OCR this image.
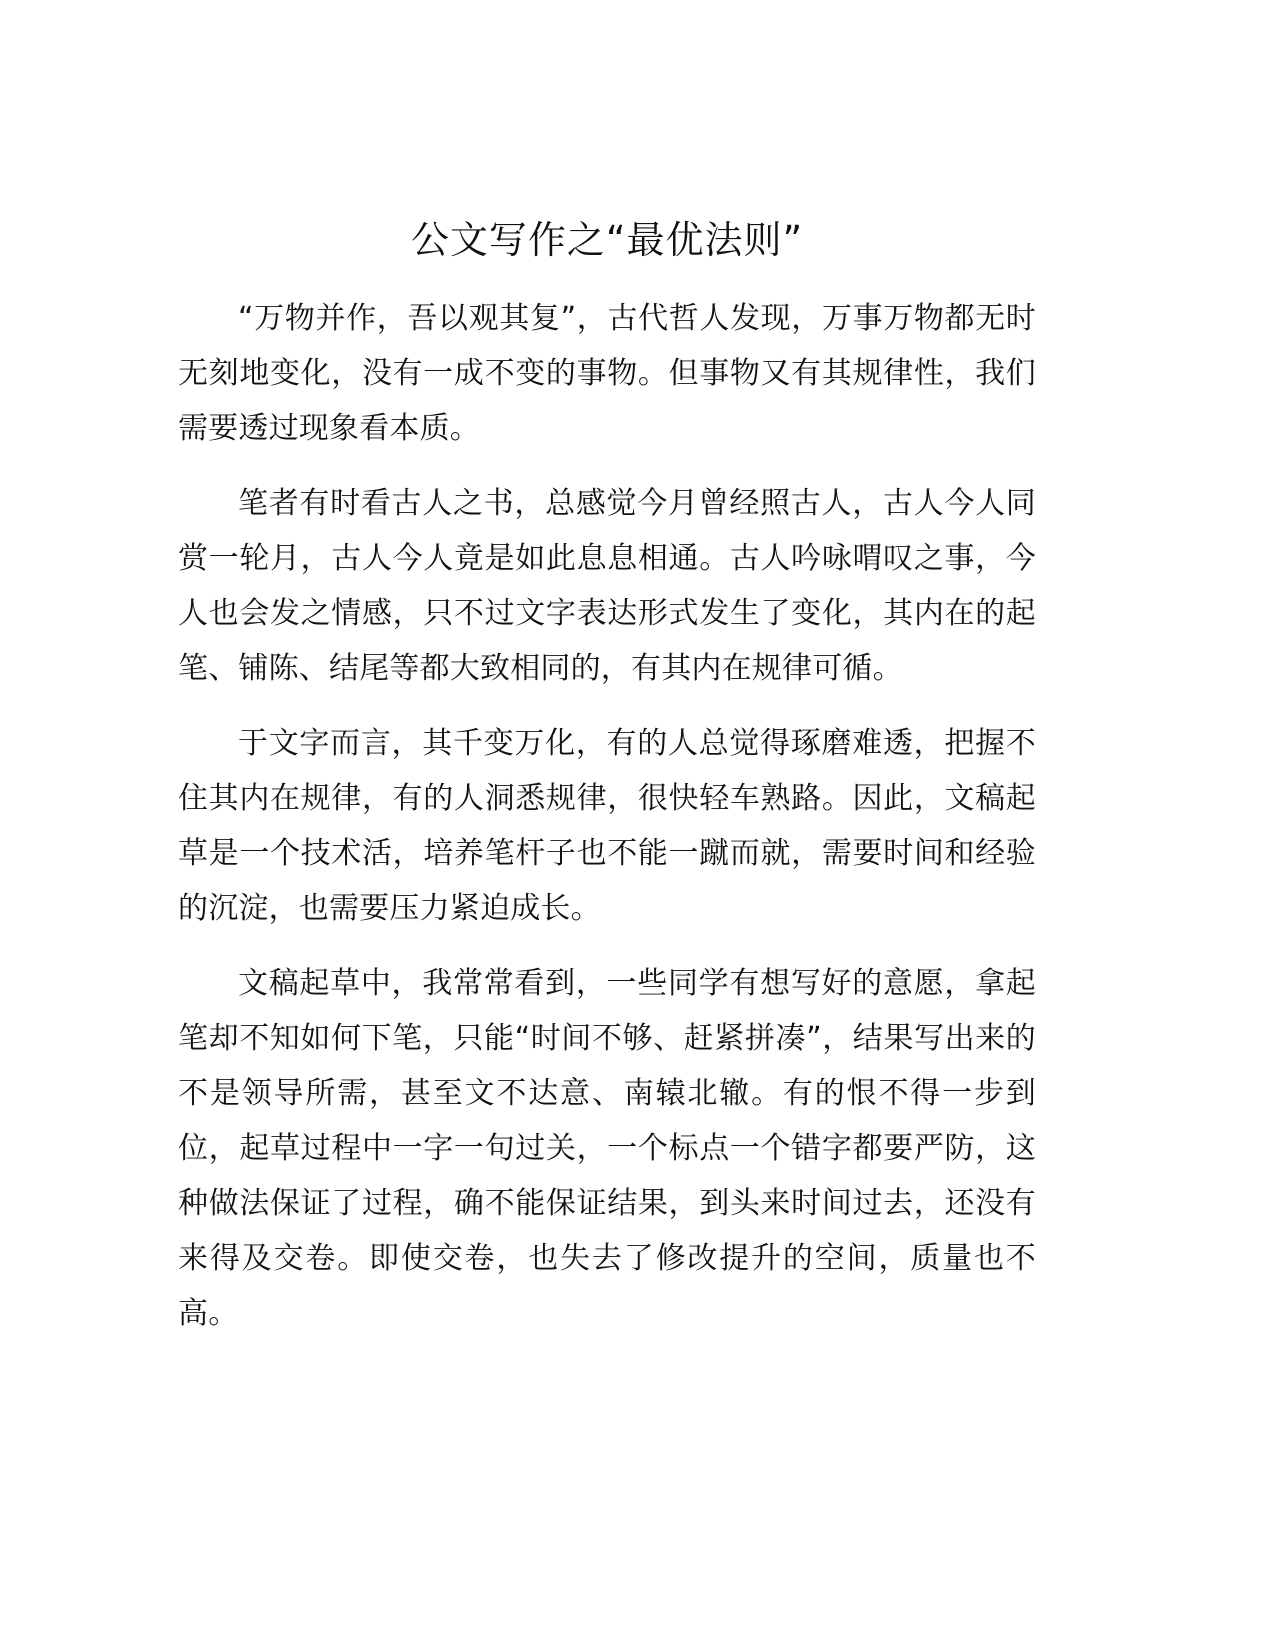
公文写作之“最优法则”

“万物并作，吾以观其复”，古代哲人发现，万事万物都无时无刻地变化，没有一成不变的事物。但事物又有其规律性，我们需要透过现象看本质。

笔者有时看古人之书，总感觉今月曾经照古人，古人今人同赏一轮月，古人今人竟是如此息息相通。古人吟咏喟叹之事，今人也会发之情感，只不过文字表达形式发生了变化，其内在的起笔、铺陈、结尾等都大致相同的，有其内在规律可循。

于文字而言，其千变万化，有的人总觉得琢磨难透，把握不住其内在规律，有的人洞悉规律，很快轻车熟路。因此，文稿起草是一个技术活，培养笔杆子也不能一蹴而就，需要时间和经验的沉淀，也需要压力紧迫成长。

文稿起草中，我常常看到，一些同学有想写好的意愿，拿起笔却不知如何下笔，只能“时间不够、赶紧拼凑”，结果写出来的不是领导所需，甚至文不达意、南辕北辙。有的恨不得一步到位，起草过程中一字一句过关，一个标点一个错字都要严防，这种做法保证了过程，确不能保证结果，到头来时间过去，还没有来得及交卷。即使交卷，也失去了修改提升的空间，质量也不高。
